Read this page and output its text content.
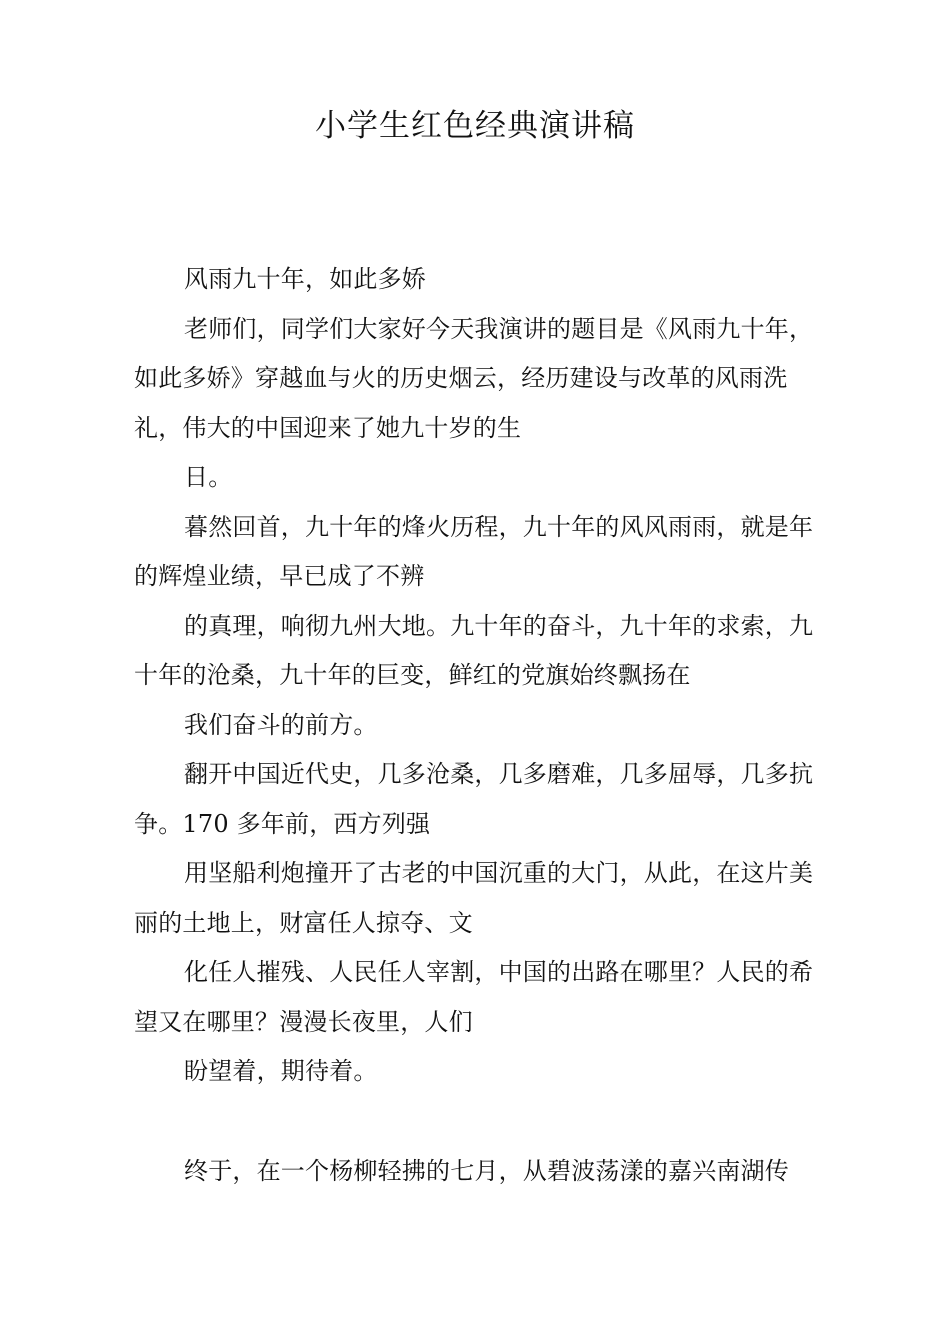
小学生红色经典演讲稿

风雨九十年，如此多娇

老师们，同学们大家好今天我演讲的题目是《风雨九十年，如此多娇》穿越血与火的历史烟云，经历建设与改革的风雨洗礼，伟大的中国迎来了她九十岁的生

日。

暮然回首，九十年的烽火历程，九十年的风风雨雨，就是年的辉煌业绩，早已成了不辨

的真理，响彻九州大地。九十年的奋斗，九十年的求索，九十年的沧桑，九十年的巨变，鲜红的党旗始终飘扬在

我们奋斗的前方。

翻开中国近代史，几多沧桑，几多磨难，几多屈辱，几多抗争。170 多年前，西方列强

用坚船利炮撞开了古老的中国沉重的大门，从此，在这片美丽的土地上，财富任人掠夺、文

化任人摧残、人民任人宰割，中国的出路在哪里？人民的希望又在哪里？漫漫长夜里，人们

盼望着，期待着。

终于，在一个杨柳轻拂的七月，从碧波荡漾的嘉兴南湖传
